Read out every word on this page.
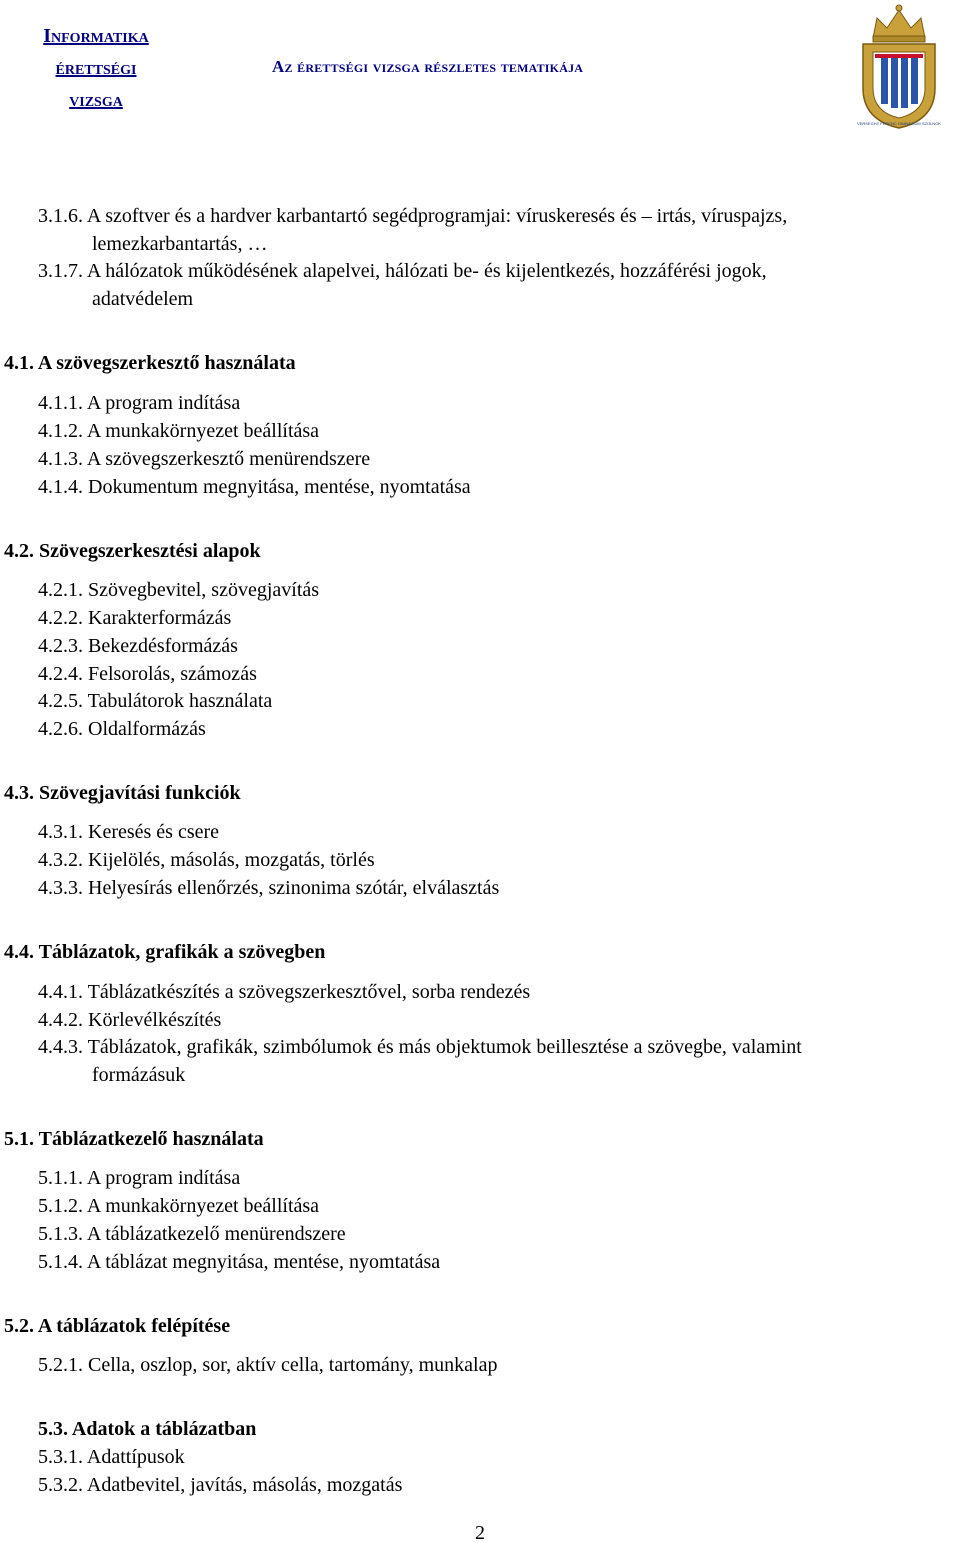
Informatika
érettségi
vizsga
Az érettségi vizsga részletes tematikája
VERSEGHY FERENC GIMNÁZIUM SZOLNOK
3.1.6. A szoftver és a hardver karbantartó segédprogramjai: víruskeresés és – irtás, víruspajzs,
lemezkarbantartás, …
3.1.7. A hálózatok működésének alapelvei, hálózati be- és kijelentkezés, hozzáférési jogok,
adatvédelem
4.1. A szövegszerkesztő használata
4.1.1. A program indítása
4.1.2. A munkakörnyezet beállítása
4.1.3. A szövegszerkesztő menürendszere
4.1.4. Dokumentum megnyitása, mentése, nyomtatása
4.2. Szövegszerkesztési alapok
4.2.1. Szövegbevitel, szövegjavítás
4.2.2. Karakterformázás
4.2.3. Bekezdésformázás
4.2.4. Felsorolás, számozás
4.2.5. Tabulátorok használata
4.2.6. Oldalformázás
4.3. Szövegjavítási funkciók
4.3.1. Keresés és csere
4.3.2. Kijelölés, másolás, mozgatás, törlés
4.3.3. Helyesírás ellenőrzés, szinonima szótár, elválasztás
4.4. Táblázatok, grafikák a szövegben
4.4.1. Táblázatkészítés a szövegszerkesztővel, sorba rendezés
4.4.2. Körlevélkészítés
4.4.3. Táblázatok, grafikák, szimbólumok és más objektumok beillesztése a szövegbe, valamint
formázásuk
5.1. Táblázatkezelő használata
5.1.1. A program indítása
5.1.2. A munkakörnyezet beállítása
5.1.3. A táblázatkezelő menürendszere
5.1.4. A táblázat megnyitása, mentése, nyomtatása
5.2. A táblázatok felépítése
5.2.1. Cella, oszlop, sor, aktív cella, tartomány, munkalap
5.3. Adatok a táblázatban
5.3.1. Adattípusok
5.3.2. Adatbevitel, javítás, másolás, mozgatás
2
